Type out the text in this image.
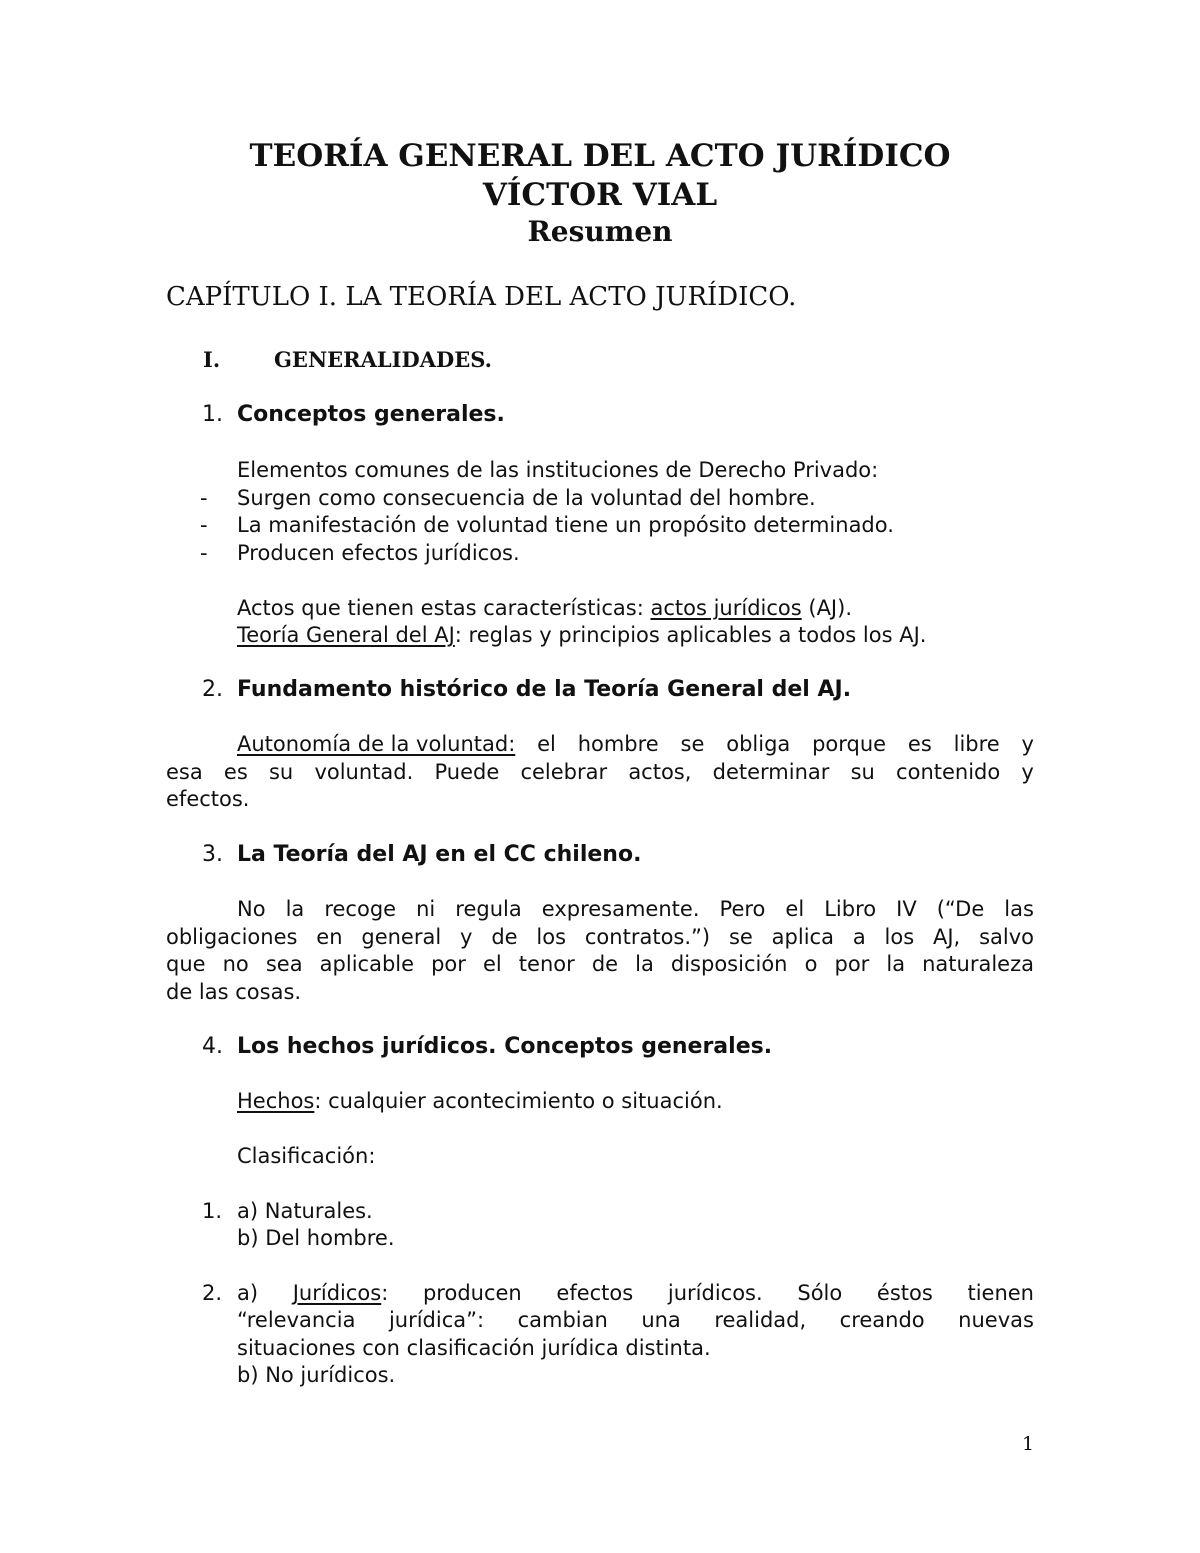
TEORÍA GENERAL DEL ACTO JURÍDICO
VÍCTOR VIAL
Resumen
CAPÍTULO I. LA TEORÍA DEL ACTO JURÍDICO.
I.	GENERALIDADES.
1. Conceptos generales.
Elementos comunes de las instituciones de Derecho Privado:
- Surgen como consecuencia de la voluntad del hombre.
- La manifestación de voluntad tiene un propósito determinado.
- Producen efectos jurídicos.
Actos que tienen estas características: actos jurídicos (AJ).
Teoría General del AJ: reglas y principios aplicables a todos los AJ.
2. Fundamento histórico de la Teoría General del AJ.
Autonomía de la voluntad: el hombre se obliga porque es libre y
esa es su voluntad. Puede celebrar actos, determinar su contenido y
efectos.
3. La Teoría del AJ en el CC chileno.
No la recoge ni regula expresamente. Pero el Libro IV (“De las
obligaciones en general y de los contratos.”) se aplica a los AJ, salvo
que no sea aplicable por el tenor de la disposición o por la naturaleza
de las cosas.
4. Los hechos jurídicos. Conceptos generales.
Hechos: cualquier acontecimiento o situación.
Clasificación:
1. a) Naturales.
b) Del hombre.
2. a) Jurídicos: producen efectos jurídicos. Sólo éstos tienen
“relevancia jurídica”: cambian una realidad, creando nuevas
situaciones con clasificación jurídica distinta.
b) No jurídicos.
1
